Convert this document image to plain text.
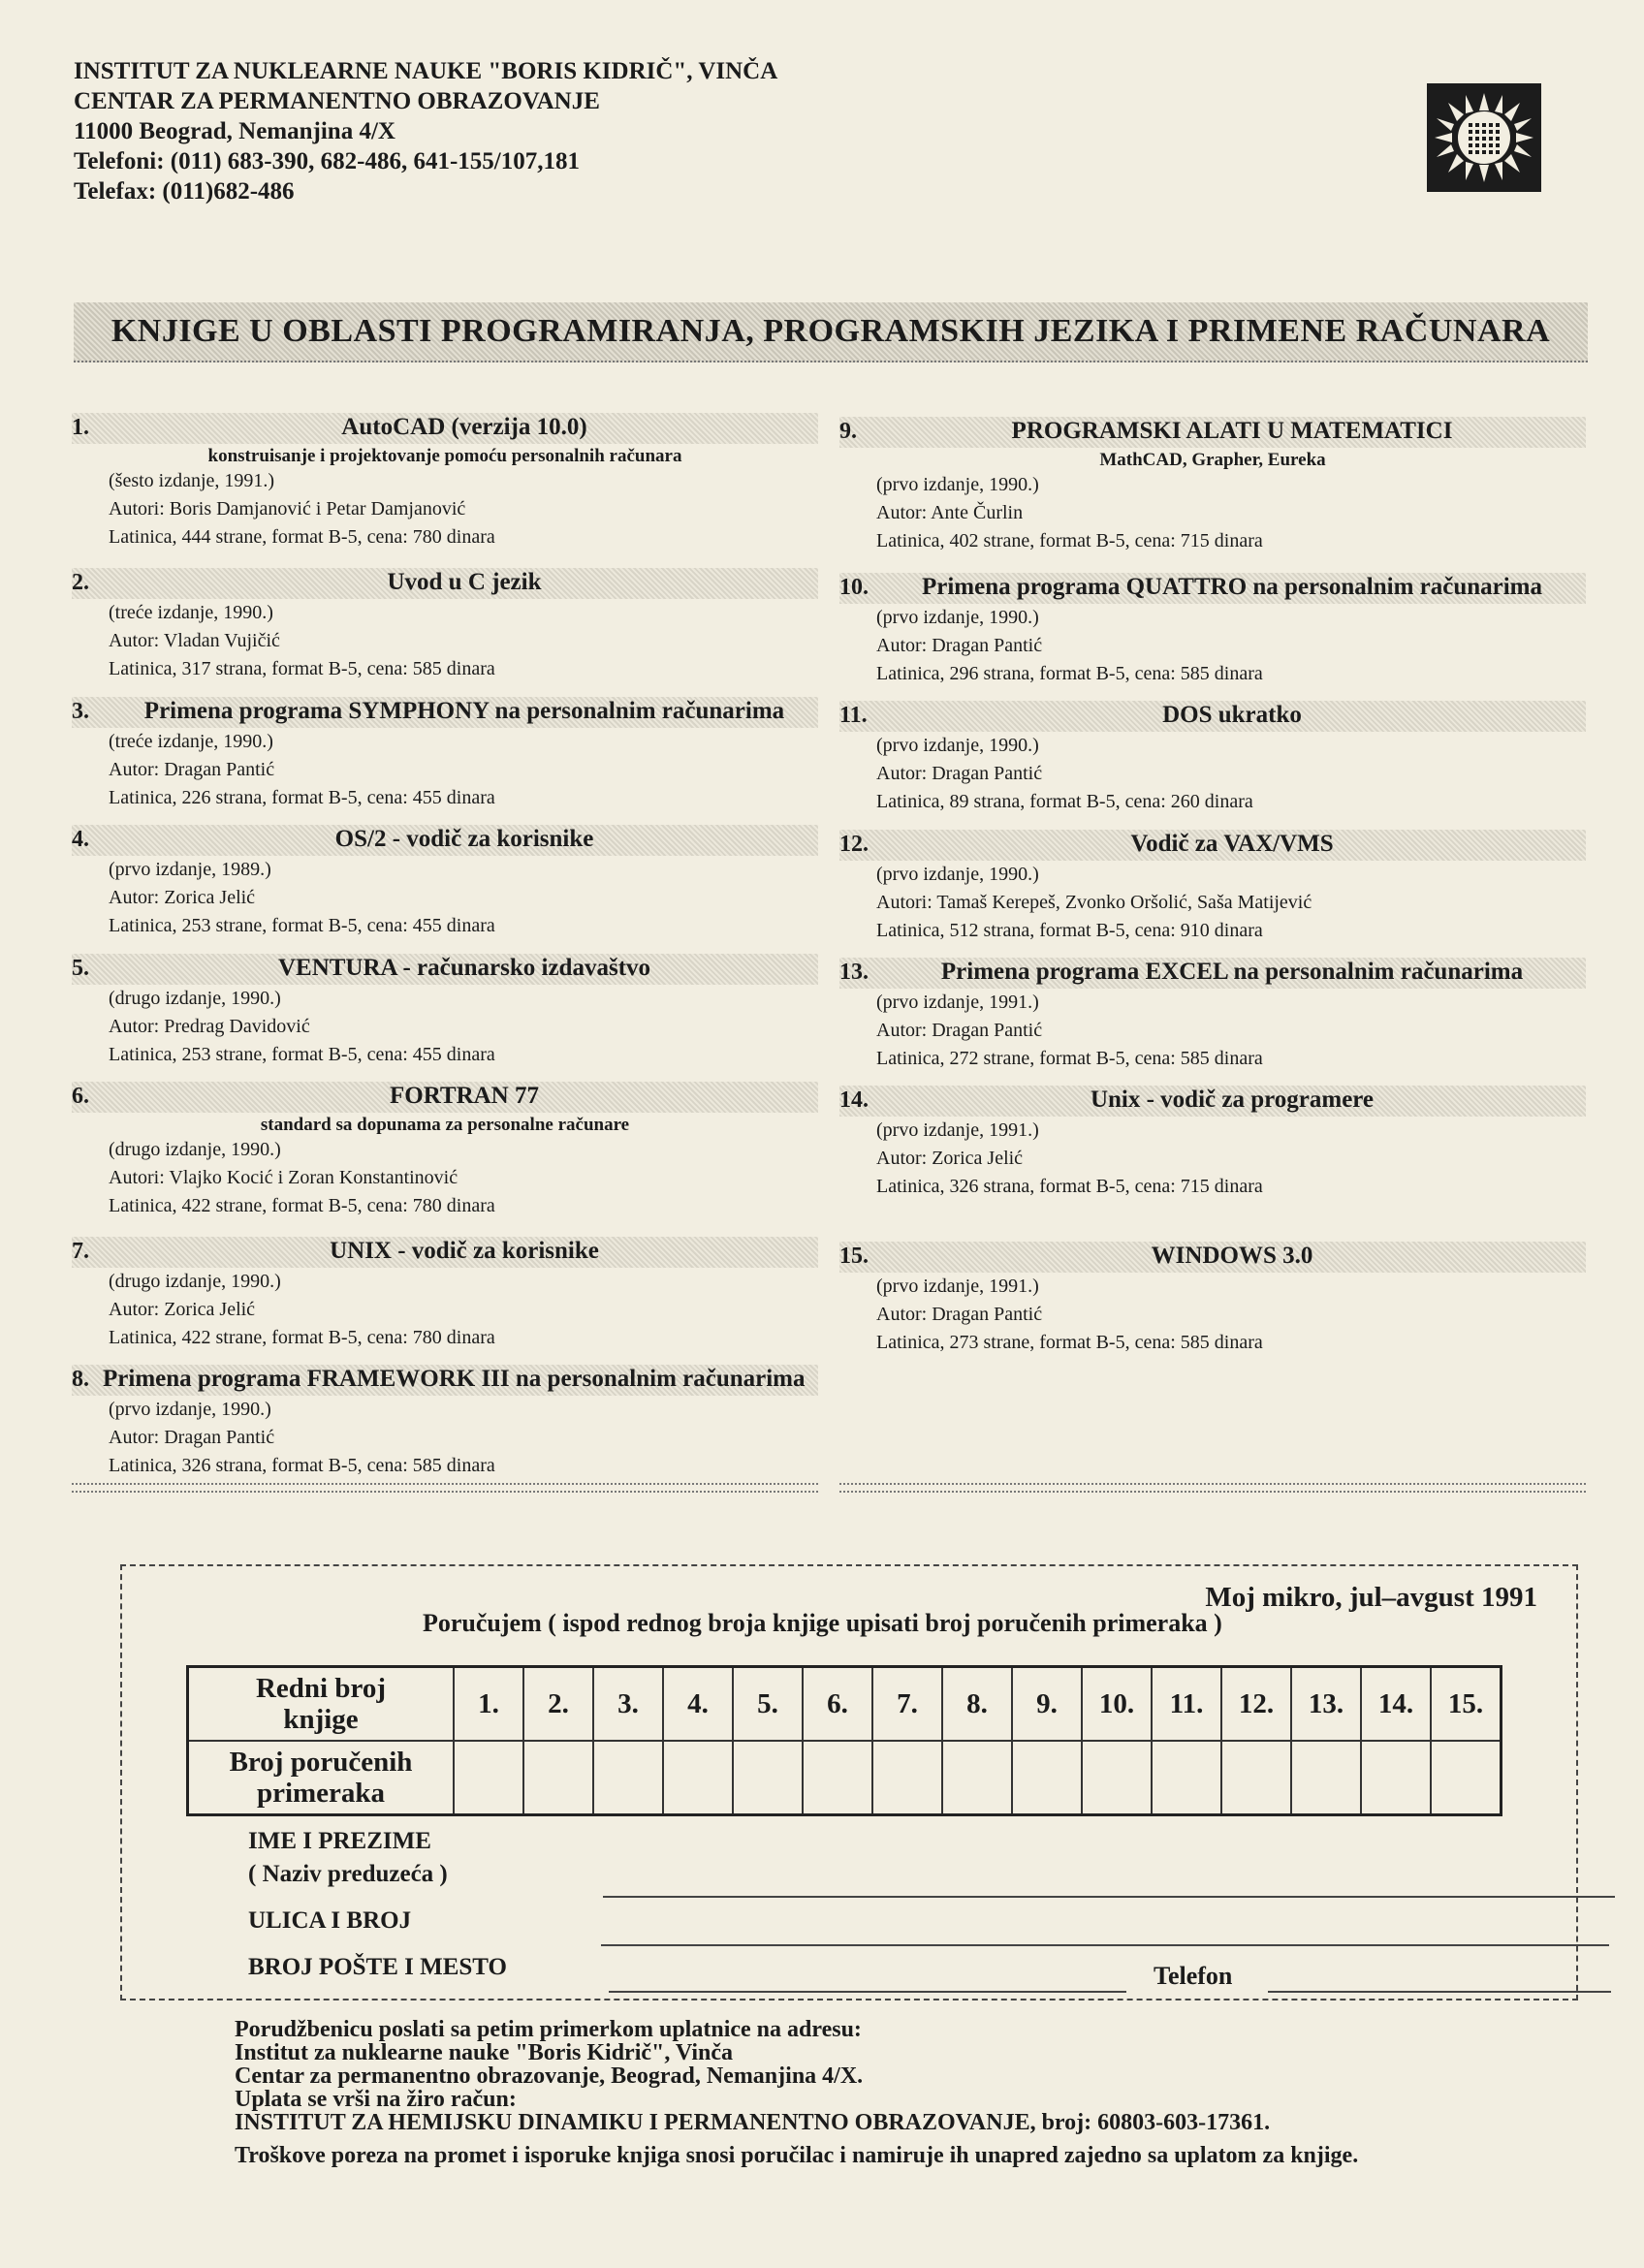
INSTITUT ZA NUKLEARNE NAUKE "BORIS KIDRIČ", VINČA
CENTAR ZA PERMANENTNO OBRAZOVANJE
11000 Beograd, Nemanjina 4/X
Telefoni: (011) 683-390, 682-486, 641-155/107,181
Telefax: (011)682-486
KNJIGE U OBLASTI PROGRAMIRANJA, PROGRAMSKIH JEZIKA I PRIMENE RAČUNARA
1.	AutoCAD (verzija 10.0)
konstruisanje i projektovanje pomoću personalnih računara
(šesto izdanje, 1991.)
Autori: Boris Damjanović i Petar Damjanović
Latinica, 444 strane, format B-5, cena: 780 dinara
2.	Uvod u C jezik
(treće izdanje, 1990.)
Autor: Vladan Vujičić
Latinica, 317 strana, format B-5, cena: 585 dinara
3.	Primena programa SYMPHONY na personalnim računarima
(treće izdanje, 1990.)
Autor: Dragan Pantić
Latinica, 226 strana, format B-5, cena: 455 dinara
4.	OS/2 - vodič za korisnike
(prvo izdanje, 1989.)
Autor: Zorica Jelić
Latinica, 253 strane, format B-5, cena: 455 dinara
5.	VENTURA - računarsko izdavaštvo
(drugo izdanje, 1990.)
Autor: Predrag Davidović
Latinica, 253 strane, format B-5, cena: 455 dinara
6.	FORTRAN 77
standard sa dopunama za personalne računare
(drugo izdanje, 1990.)
Autori: Vlajko Kocić i Zoran Konstantinović
Latinica, 422 strane, format B-5, cena: 780 dinara
7.	UNIX - vodič za korisnike
(drugo izdanje, 1990.)
Autor: Zorica Jelić
Latinica, 422 strane, format B-5, cena: 780 dinara
8. Primena programa FRAMEWORK III na personalnim računarima
(prvo izdanje, 1990.)
Autor: Dragan Pantić
Latinica, 326 strana, format B-5, cena: 585 dinara
9.	PROGRAMSKI ALATI U MATEMATICI
MathCAD, Grapher, Eureka
(prvo izdanje, 1990.)
Autor: Ante Čurlin
Latinica, 402 strane, format B-5, cena: 715 dinara
10.	Primena programa QUATTRO na personalnim računarima
(prvo izdanje, 1990.)
Autor: Dragan Pantić
Latinica, 296 strana, format B-5, cena: 585 dinara
11.	DOS ukratko
(prvo izdanje, 1990.)
Autor: Dragan Pantić
Latinica, 89 strana, format B-5, cena: 260 dinara
12.	Vodič za VAX/VMS
(prvo izdanje, 1990.)
Autori: Tamaš Kerepeš, Zvonko Oršolić, Saša Matijević
Latinica, 512 strana, format B-5, cena: 910 dinara
13.	Primena programa EXCEL na personalnim računarima
(prvo izdanje, 1991.)
Autor: Dragan Pantić
Latinica, 272 strane, format B-5, cena: 585 dinara
14.	Unix - vodič za programere
(prvo izdanje, 1991.)
Autor: Zorica Jelić
Latinica, 326 strana, format B-5, cena: 715 dinara
15.	WINDOWS 3.0
(prvo izdanje, 1991.)
Autor: Dragan Pantić
Latinica, 273 strane, format B-5, cena: 585 dinara
Moj mikro, jul–avgust 1991
Poručujem ( ispod rednog broja knjige upisati broj poručenih primeraka )
Redni broj
knjige	1.	2.	3.	4.	5.	6.	7.	8.	9.	10.	11.	12.	13.	14.	15.

Broj poručenih
primeraka															

IME I PREZIME
( Naziv preduzeća )
ULICA I BROJ
BROJ POŠTE I MESTO	Telefon
Porudžbenicu poslati sa petim primerkom uplatnice na adresu:
Institut za nuklearne nauke "Boris Kidrič", Vinča
Centar za permanentno obrazovanje, Beograd, Nemanjina 4/X.
Uplata se vrši na žiro račun:
INSTITUT ZA HEMIJSKU DINAMIKU I PERMANENTNO OBRAZOVANJE, broj: 60803-603-17361.
Troškove poreza na promet i isporuke knjiga snosi poručilac i namiruje ih unapred zajedno sa uplatom za knjige.
